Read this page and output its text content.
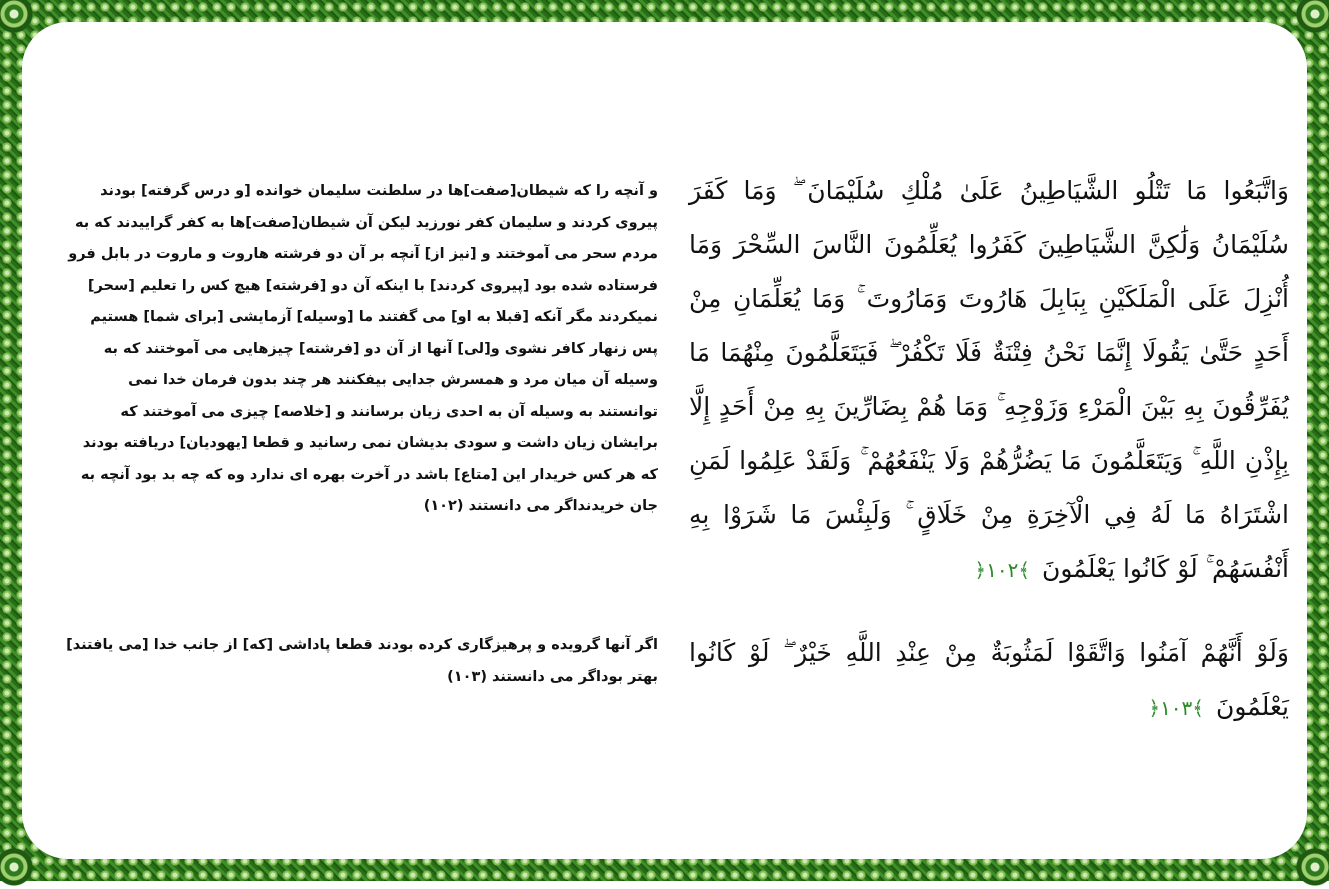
وَاتَّبَعُوا مَا تَتْلُو الشَّيَاطِينُ عَلَىٰ مُلْكِ سُلَيْمَانَ ۖ وَمَا كَفَرَ سُلَيْمَانُ وَلَٰكِنَّ الشَّيَاطِينَ كَفَرُوا يُعَلِّمُونَ النَّاسَ السِّحْرَ وَمَا أُنْزِلَ عَلَى الْمَلَكَيْنِ بِبَابِلَ هَارُوتَ وَمَارُوتَ ۚ وَمَا يُعَلِّمَانِ مِنْ أَحَدٍ حَتَّىٰ يَقُولَا إِنَّمَا نَحْنُ فِتْنَةٌ فَلَا تَكْفُرْ ۖ فَيَتَعَلَّمُونَ مِنْهُمَا مَا يُفَرِّقُونَ بِهِ بَيْنَ الْمَرْءِ وَزَوْجِهِ ۚ وَمَا هُمْ بِضَارِّينَ بِهِ مِنْ أَحَدٍ إِلَّا بِإِذْنِ اللَّهِ ۚ وَيَتَعَلَّمُونَ مَا يَضُرُّهُمْ وَلَا يَنْفَعُهُمْ ۚ وَلَقَدْ عَلِمُوا لَمَنِ اشْتَرَاهُ مَا لَهُ فِي الْآخِرَةِ مِنْ خَلَاقٍ ۚ وَلَبِئْسَ مَا شَرَوْا بِهِ أَنْفُسَهُمْ ۚ لَوْ كَانُوا يَعْلَمُونَ ﴾١٠٢﴿
و آنچه را که شیطان[صفت]ها در سلطنت سلیمان خوانده [و درس گرفته] بودند پیروی کردند و سلیمان کفر نورزید لیکن آن شیطان[صفت]ها به کفر گراییدند که به مردم سحر می آموختند و [نیز از] آنچه بر آن دو فرشته هاروت و ماروت در بابل فرو فرستاده شده بود [پیروی کردند] با اینکه آن دو [فرشته] هیچ کس را تعلیم [سحر] نمیکردند مگر آنکه [قبلا به او] می گفتند ما [وسیله] آزمایشی [برای شما] هستیم پس زنهار کافر نشوی و[لی] آنها از آن دو [فرشته] چیزهایی می آموختند که به وسیله آن میان مرد و همسرش جدایی بیفکنند هر چند بدون فرمان خدا نمی توانستند به وسیله آن به احدی زیان برسانند و [خلاصه] چیزی می آموختند که برایشان زیان داشت و سودی بدیشان نمی رسانید و قطعا [یهودیان] دریافته بودند که هر کس خریدار این [متاع] باشد در آخرت بهره ای ندارد وه که چه بد بود آنچه به جان خریدنداگر می دانستند (۱۰۲)
وَلَوْ أَنَّهُمْ آمَنُوا وَاتَّقَوْا لَمَثُوبَةٌ مِنْ عِنْدِ اللَّهِ خَيْرٌ ۖ لَوْ كَانُوا يَعْلَمُونَ ﴾١٠٣﴿
اگر آنها گرویده و پرهیزگاری کرده بودند قطعا پاداشی [که] از جانب خدا [می یافتند] بهتر بوداگر می دانستند (۱۰۳)
